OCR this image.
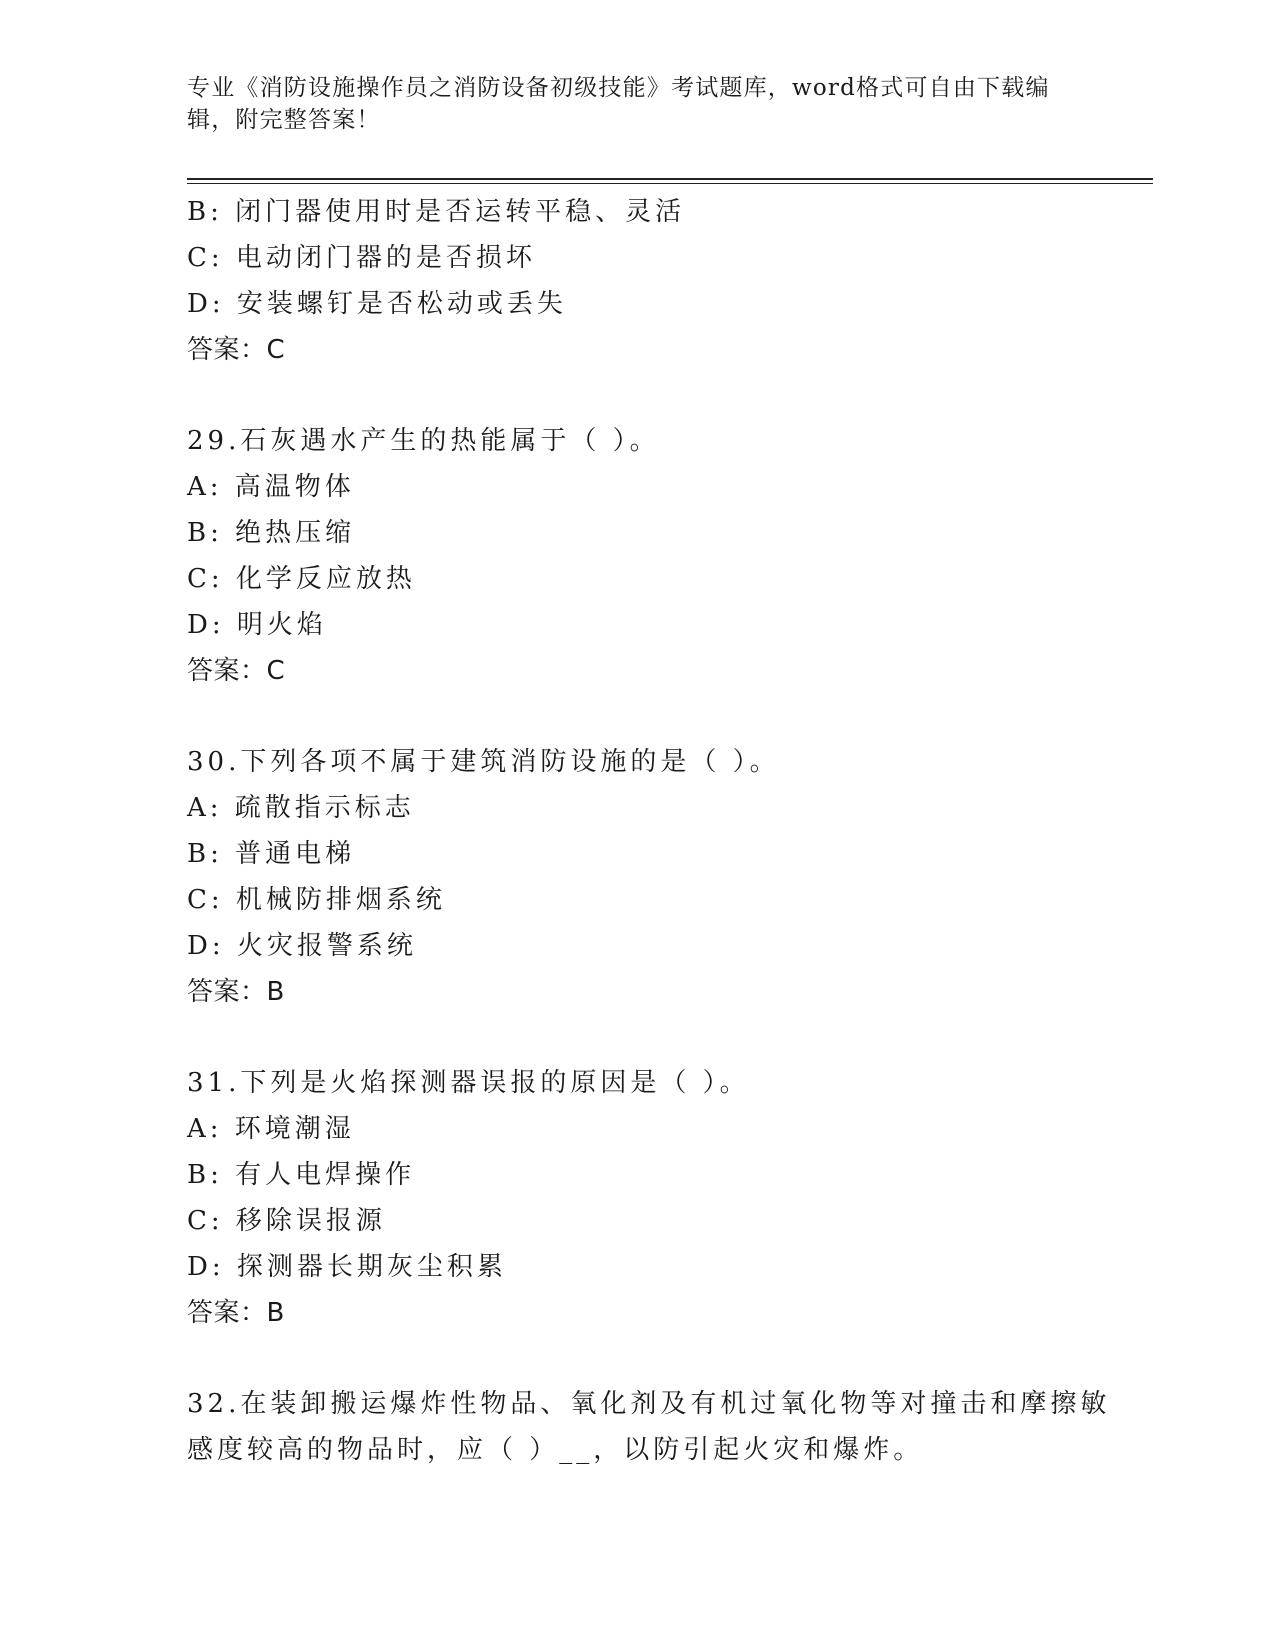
专业《消防设施操作员之消防设备初级技能》考试题库，word格式可自由下载编
辑，附完整答案！
B: 闭门器使用时是否运转平稳、灵活
C: 电动闭门器的是否损坏
D: 安装螺钉是否松动或丢失
答案：C
29.石灰遇水产生的热能属于（ ）。
A: 高温物体
B: 绝热压缩
C: 化学反应放热
D: 明火焰
答案：C
30.下列各项不属于建筑消防设施的是（ ）。
A: 疏散指示标志
B: 普通电梯
C: 机械防排烟系统
D: 火灾报警系统
答案：B
31.下列是火焰探测器误报的原因是（ ）。
A: 环境潮湿
B: 有人电焊操作
C: 移除误报源
D: 探测器长期灰尘积累
答案：B
32.在装卸搬运爆炸性物品、氧化剂及有机过氧化物等对撞击和摩擦敏
感度较高的物品时，应（ ）__，以防引起火灾和爆炸。
